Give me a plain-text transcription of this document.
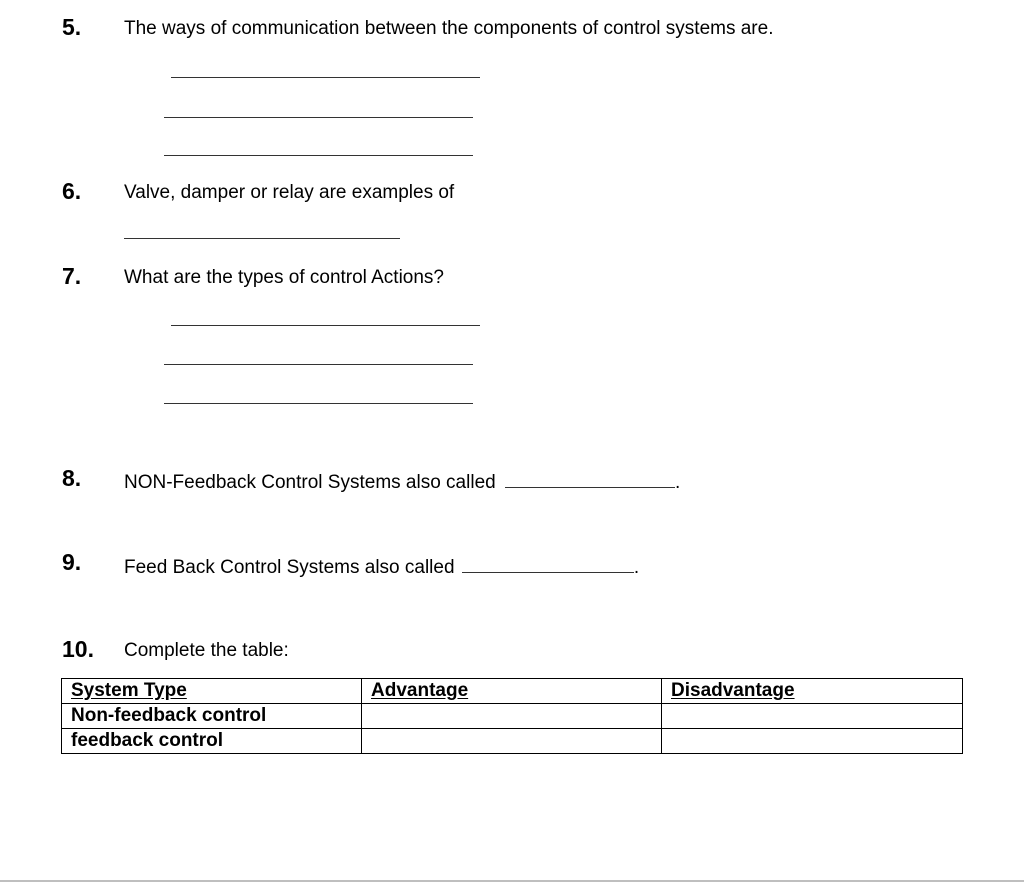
5. The ways of communication between the components of control systems are.
6. Valve, damper or relay are examples of
7. What are the types of control Actions?
8. NON-Feedback Control Systems also called	.
9. Feed Back Control Systems also called	.
10. Complete the table:
System Type	Advantage	Disadvantage
Non-feedback control		
feedback control		
